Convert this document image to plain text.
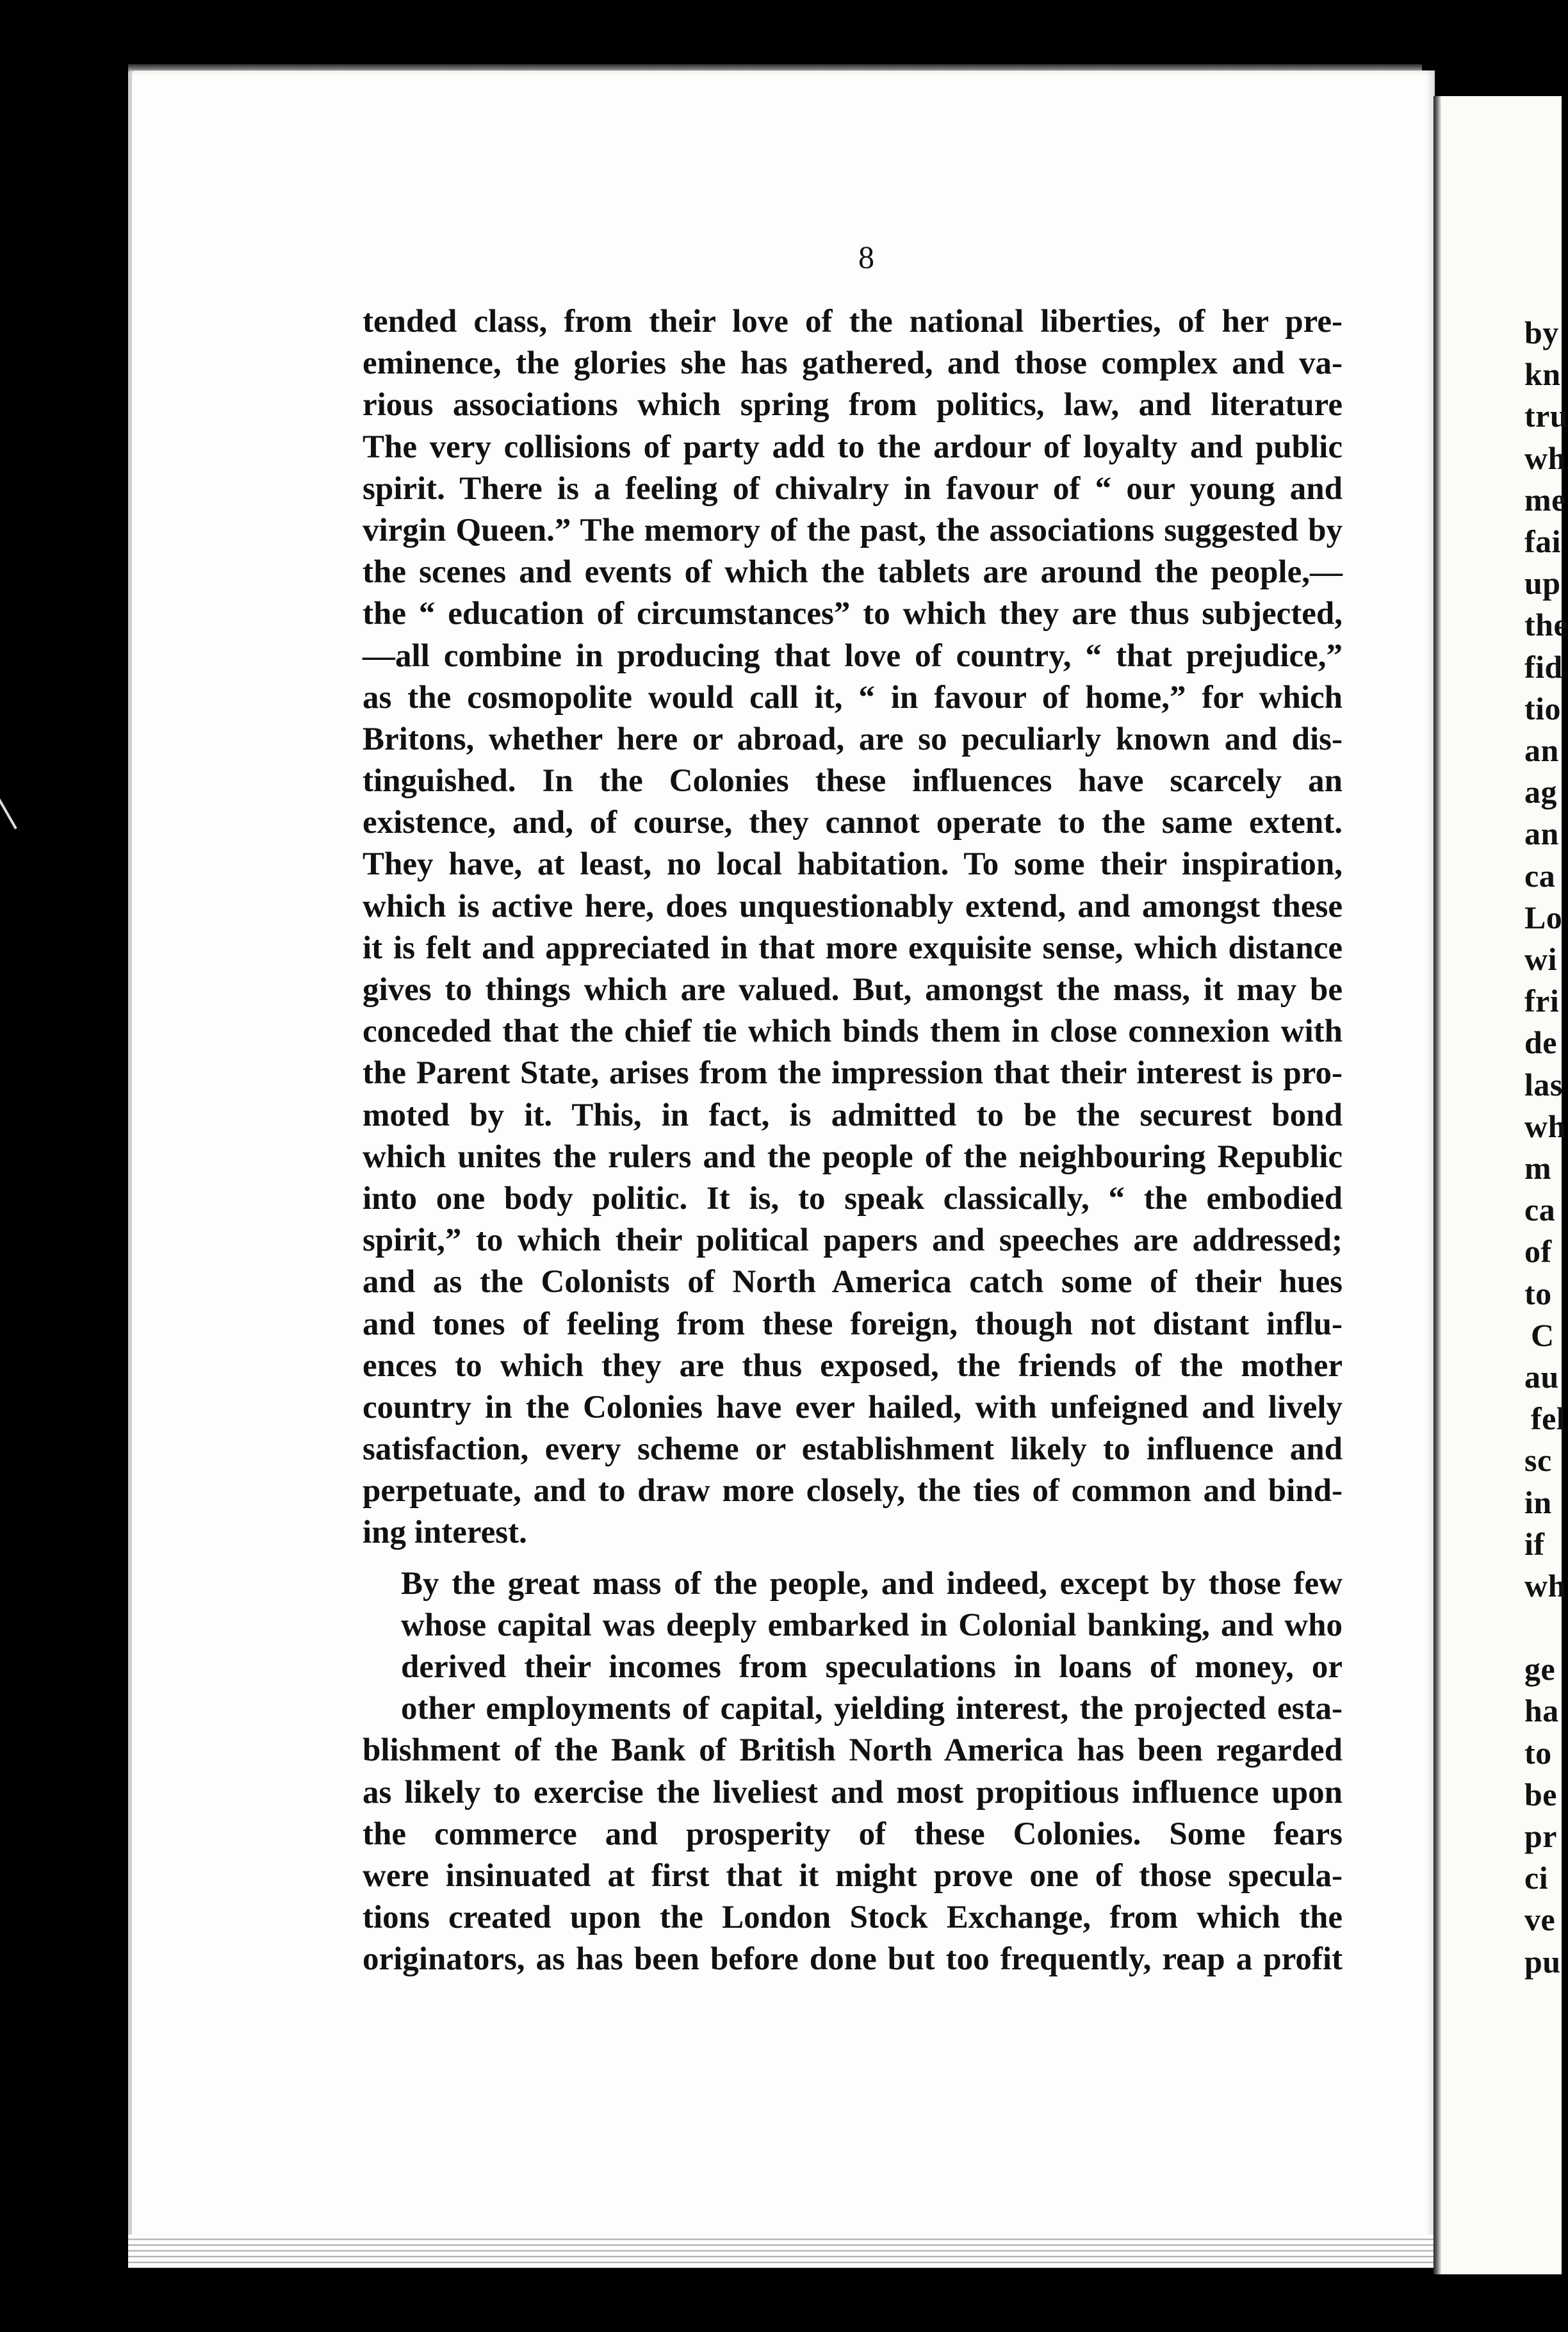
8
tended class, from their love of the national liberties, of her pre-
eminence, the glories she has gathered, and those complex and va-
rious associations which spring from politics, law, and literature
The very collisions of party add to the ardour of loyalty and public
spirit. There is a feeling of chivalry in favour of “ our young and
virgin Queen.” The memory of the past, the associations suggested by
the scenes and events of which the tablets are around the people,—
the “ education of circumstances” to which they are thus subjected,
—all combine in producing that love of country, “ that prejudice,”
as the cosmopolite would call it, “ in favour of home,” for which
Britons, whether here or abroad, are so peculiarly known and dis-
tinguished. In the Colonies these influences have scarcely an
existence, and, of course, they cannot operate to the same extent.
They have, at least, no local habitation. To some their inspiration,
which is active here, does unquestionably extend, and amongst these
it is felt and appreciated in that more exquisite sense, which distance
gives to things which are valued. But, amongst the mass, it may be
conceded that the chief tie which binds them in close connexion with
the Parent State, arises from the impression that their interest is pro-
moted by it. This, in fact, is admitted to be the securest bond
which unites the rulers and the people of the neighbouring Republic
into one body politic. It is, to speak classically, “ the embodied
spirit,” to which their political papers and speeches are addressed;
and as the Colonists of North America catch some of their hues
and tones of feeling from these foreign, though not distant influ-
ences to which they are thus exposed, the friends of the mother
country in the Colonies have ever hailed, with unfeigned and lively
satisfaction, every scheme or establishment likely to influence and
perpetuate, and to draw more closely, the ties of common and bind-
ing interest.
By the great mass of the people, and indeed, except by those few
whose capital was deeply embarked in Colonial banking, and who
derived their incomes from speculations in loans of money, or
other employments of capital, yielding interest, the projected esta-
blishment of the Bank of British North America has been regarded
as likely to exercise the liveliest and most propitious influence upon
the commerce and prosperity of these Colonies. Some fears
were insinuated at first that it might prove one of those specula-
tions created upon the London Stock Exchange, from which the
originators, as has been before done but too frequently, reap a profit
by
kn
tru
wh
me
fai
up
the
fid
tio
an
ag
an
ca
Lo
wi
fri
de
las
wh
m
ca
of
to
C
au
fel
sc
in
if
wh
ge
ha
to
be
pr
ci
ve
pu
